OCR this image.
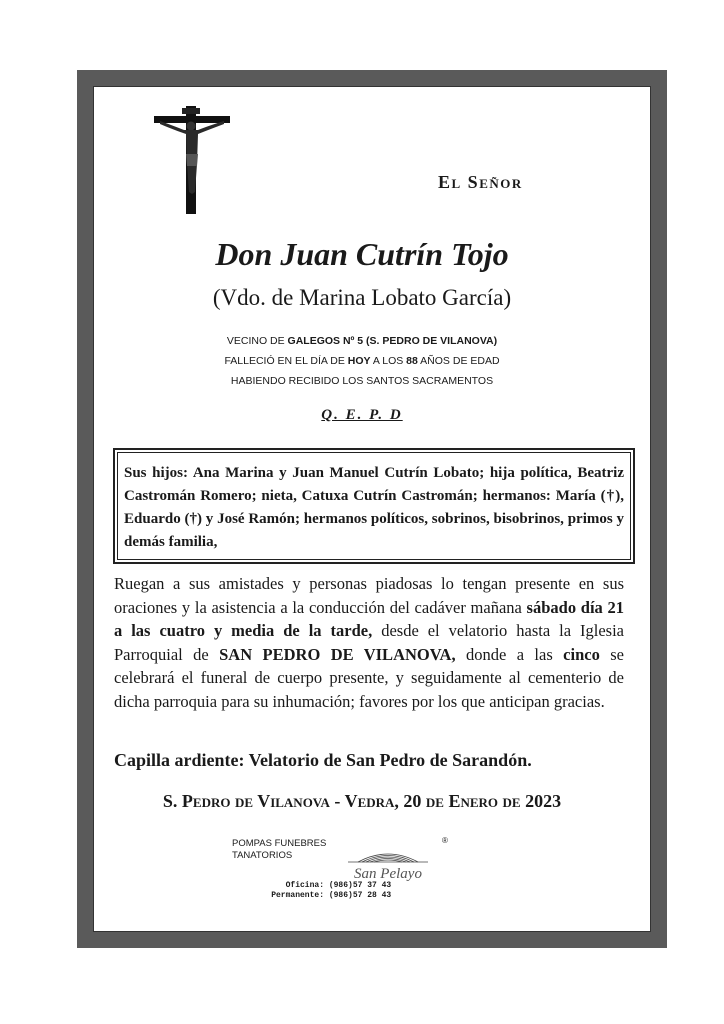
El Señor
Don Juan Cutrín Tojo
(Vdo. de Marina Lobato García)
VECINO DE GALEGOS Nº 5 (S. PEDRO DE VILANOVA)
FALLECIÓ EN EL DÍA DE HOY A LOS 88 AÑOS DE EDAD
HABIENDO RECIBIDO LOS SANTOS SACRAMENTOS
Q. E. P. D
Sus hijos: Ana Marina y Juan Manuel Cutrín Lobato; hija política, Beatriz Castromán Romero; nieta, Catuxa Cutrín Castromán; hermanos: María (†), Eduardo (†) y José Ramón; hermanos políticos, sobrinos, bisobrinos, primos y demás familia,
Ruegan a sus amistades y personas piadosas lo tengan presente en sus oraciones y la asistencia a la conducción del cadáver mañana sábado día 21 a las cuatro y media de la tarde, desde el velatorio hasta la Iglesia Parroquial de SAN PEDRO DE VILANOVA, donde a las cinco se celebrará el funeral de cuerpo presente, y seguidamente al cementerio de dicha parroquia para su inhumación; favores por los que anticipan gracias.
Capilla ardiente: Velatorio de San Pedro de Sarandón.
S. Pedro de Vilanova - Vedra, 20 de Enero de 2023
POMPAS FUNEBRES
TANATORIOS
San Pelayo
®
Oficina: (986)57 37 43
Permanente: (986)57 28 43
